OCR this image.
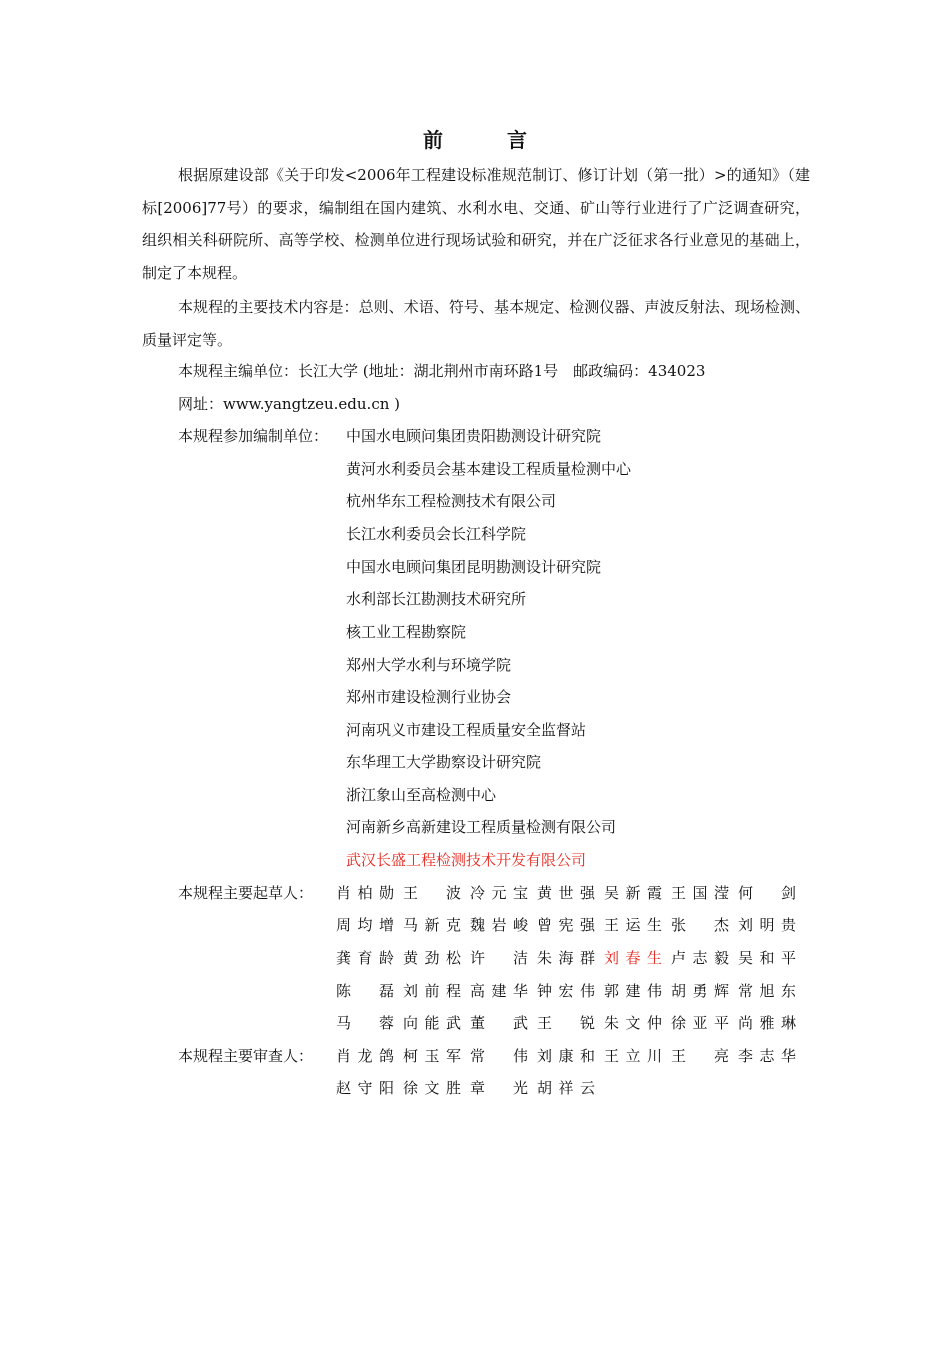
前　言

根据原建设部《关于印发<2006年工程建设标准规范制订、修订计划（第一批）>的通知》（建标[2006]77号）的要求，编制组在国内建筑、水利水电、交通、矿山等行业进行了广泛调查研究，组织相关科研院所、高等学校、检测单位进行现场试验和研究，并在广泛征求各行业意见的基础上，制定了本规程。

本规程的主要技术内容是：总则、术语、符号、基本规定、检测仪器、声波反射法、现场检测、质量评定等。

本规程主编单位：长江大学 (地址：湖北荆州市南环路1号　邮政编码：434023
网址：www.yangtzeu.edu.cn )
本规程参加编制单位： 中国水电顾问集团贵阳勘测设计研究院
黄河水利委员会基本建设工程质量检测中心
杭州华东工程检测技术有限公司
长江水利委员会长江科学院
中国水电顾问集团昆明勘测设计研究院
水利部长江勘测技术研究所
核工业工程勘察院
郑州大学水利与环境学院
郑州市建设检测行业协会
河南巩义市建设工程质量安全监督站
东华理工大学勘察设计研究院
浙江象山至高检测中心
河南新乡高新建设工程质量检测有限公司
武汉长盛工程检测技术开发有限公司
本规程主要起草人： 肖柏勋 王　波 冷元宝 黄世强 吴新霞 王国滢 何　剑
周均增 马新克 魏岩峻 曾宪强 王运生 张　杰 刘明贵
龚育龄 黄劲松 许　洁 朱海群 刘春生 卢志毅 吴和平
陈　磊 刘前程 高建华 钟宏伟 郭建伟 胡勇辉 常旭东
马　蓉 向能武 董　武 王　锐 朱文仲 徐亚平 尚雅琳
本规程主要审查人： 肖龙鸽 柯玉军 常　伟 刘康和 王立川 王　亮 李志华
赵守阳 徐文胜 章　光 胡祥云
